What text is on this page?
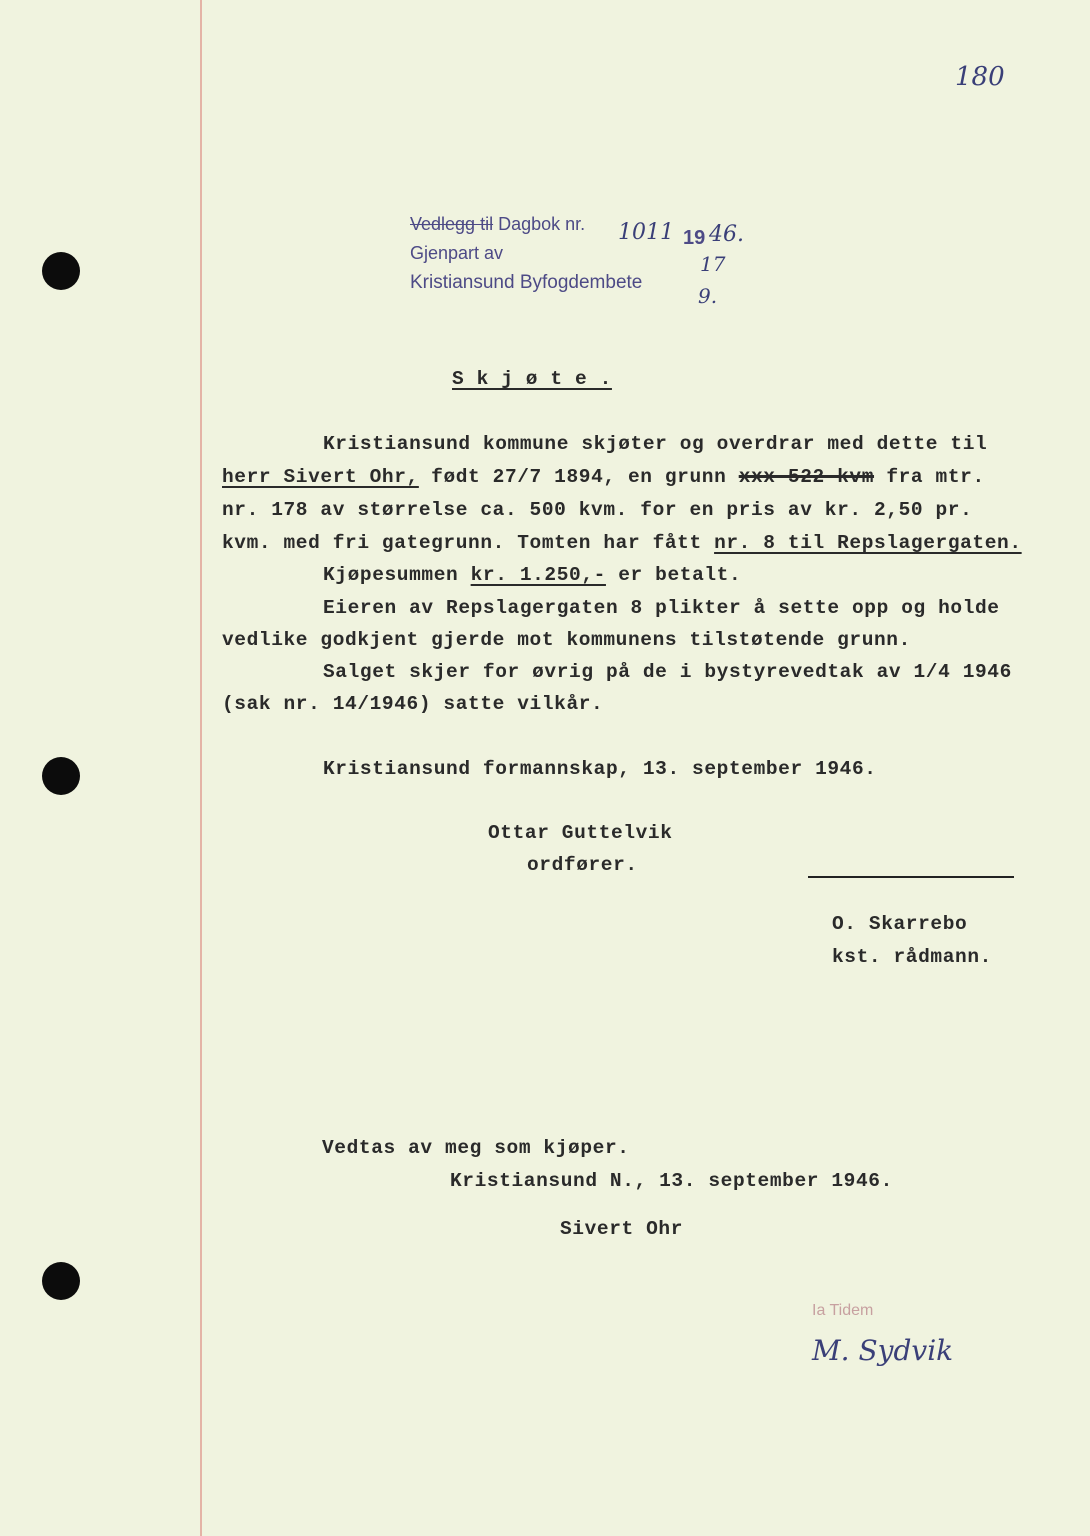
180
Vedlegg til Dagbok nr. 1011 19 46.
Gjenpart av
Kristiansund Byfogdembete
17
9.
S k j ø t e .
Kristiansund kommune skjøter og overdrar med dette til
herr Sivert Ohr, født 27/7 1894, en grunn xxx 522 kvm fra mtr.
nr. 178 av størrelse ca. 500 kvm. for en pris av kr. 2,50 pr.
kvm. med fri gategrunn. Tomten har fått nr. 8 til Repslagergaten.
Kjøpesummen kr. 1.250,- er betalt.
Eieren av Repslagergaten 8 plikter å sette opp og holde
vedlike godkjent gjerde mot kommunens tilstøtende grunn.
Salget skjer for øvrig på de i bystyrevedtak av 1/4 1946
(sak nr. 14/1946) satte vilkår.
Kristiansund formannskap, 13. september 1946.
Ottar Guttelvik
ordfører.
O. Skarrebo
kst. rådmann.
Vedtas av meg som kjøper.
Kristiansund N., 13. september 1946.
Sivert Ohr
Ia Tidem
M. Sydvik
